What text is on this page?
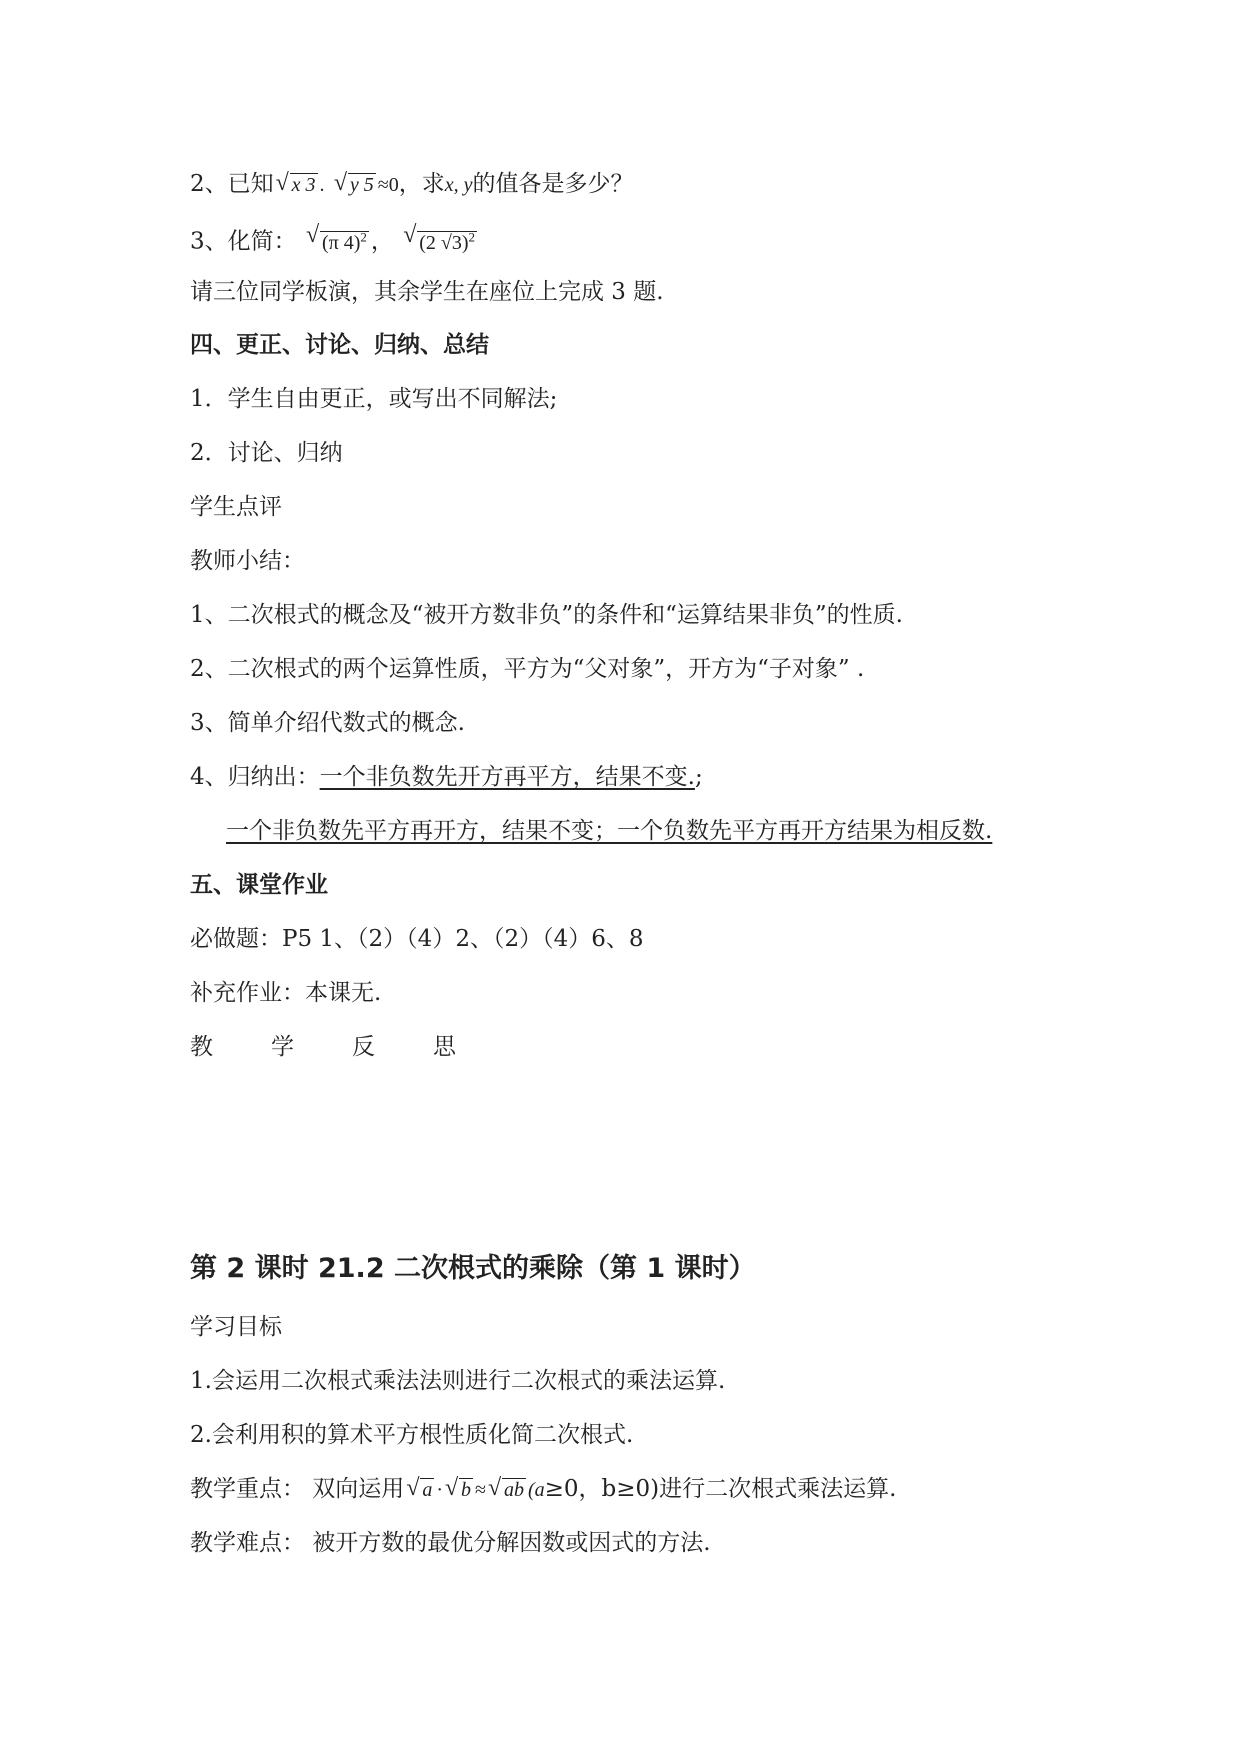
2、已知 √ x 3 . √ y 5 ≈0，求x, y的值各是多少？
3、化简： √ (π 4)$^2$ ， √ (2 √3)$^2$
请三位同学板演，其余学生在座位上完成 3 题.
四、更正、讨论、归纳、总结
1．学生自由更正，或写出不同解法;
2．讨论、归纳
学生点评
教师小结：
1、二次根式的概念及“被开方数非负”的条件和“运算结果非负”的性质.
2、二次根式的两个运算性质，平方为“父对象”，开方为“子对象” .
3、简单介绍代数式的概念.
4、归纳出：一个非负数先开方再平方，结果不变.;
一个非负数先平方再开方，结果不变；一个负数先平方再开方结果为相反数.
五、课堂作业
必做题：P5 1、（2）（4）2、（2）（4）6、8
补充作业：本课无.
教	学	反	思
第 2 课时 21.2 二次根式的乘除（第 1 课时）
学习目标
1.会运用二次根式乘法法则进行二次根式的乘法运算.
2.会利用积的算术平方根性质化简二次根式.
教学重点： 双向运用 √ a · √ b ≈ √ ab (a≥0，b≥0)进行二次根式乘法运算.
教学难点： 被开方数的最优分解因数或因式的方法.
